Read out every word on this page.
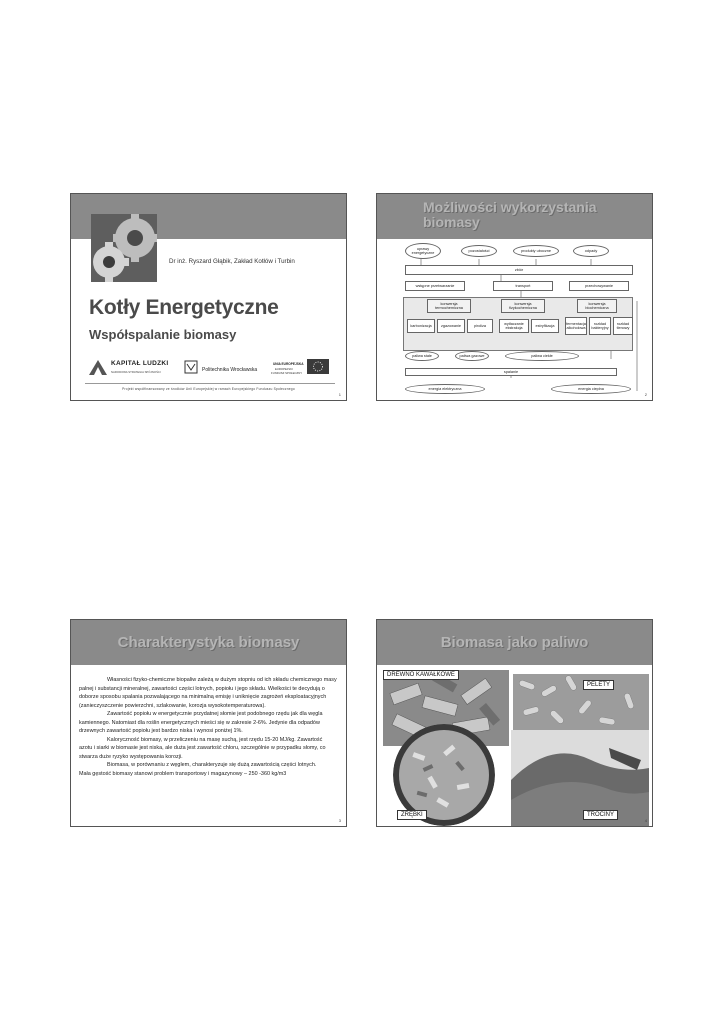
Dr inż. Ryszard Głąbik, Zakład Kotłów i Turbin
Kotły Energetyczne
Współspalanie biomasy
KAPITAŁ LUDZKI
NARODOWA STRATEGIA SPÓJNOŚCI	Politechnika Wrocławska
UNIA EUROPEJSKA
EUROPEJSKI
FUNDUSZ SPOŁECZNY
Projekt współfinansowany ze środków Unii Europejskiej w ramach Europejskiego Funduszu Społecznego
1
Możliwości wykorzystania biomasy
uprawy energetyczne
pozostałości	produkty uboczne	odpady
zbiór
wstępne przetwarzanie	transport	przechowywanie
konwersja termochemiczna
konwersja fizykochemiczna
konwersja biochemiczna
karbonizacja	zgazowanie	piroliza
wytłaczanie ekstrakcja
estryfikacja
fermentacja alkoholowa
rozkład bakteryjny
rozkład tlenowy
paliwa stałe	paliwa gazowe	paliwa ciekłe
spalanie
energia elektryczna	energia cieplna
2
Charakterystyka biomasy

Własności fizyko-chemiczne biopaliw zależą w dużym stopniu od ich składu chemicznego masy palnej i substancji mineralnej, zawartości części lotnych, popiołu i jego składu. Wielkości te decydują o doborze sposobu spalania pozwalającego na minimalną emisję i uniknięcie zagrożeń eksploatacyjnych (zanieczyszczenie powierzchni, szlakowanie, korozja wysokotemperaturowa).

Zawartość popiołu w energetycznie przydatnej słomie jest podobnego rzędu jak dla węgla kamiennego. Natomiast dla roślin energetycznych mieści się w zakresie 2-6%. Jedynie dla odpadów drzewnych zawartość popiołu jest bardzo niska i wynosi poniżej 1%.

Kaloryczność biomasy, w przeliczeniu na masę suchą, jest rzędu 15-20 MJ/kg. Zawartość azotu i siarki w biomasie jest niska, ale duża jest zawartość chloru, szczególnie w przypadku słomy, co stwarza duże ryzyko występowania korozji.

Biomasa, w porównaniu z węglem, charakteryzuje się dużą zawartością części lotnych.

Mała gęstość biomasy stanowi problem transportowy i magazynowy – 250 -360 kg/m3

3
Biomasa jako paliwo
DREWNO KAWAŁKOWE
PELETY
ZRĘBKI	TROCINY
4
